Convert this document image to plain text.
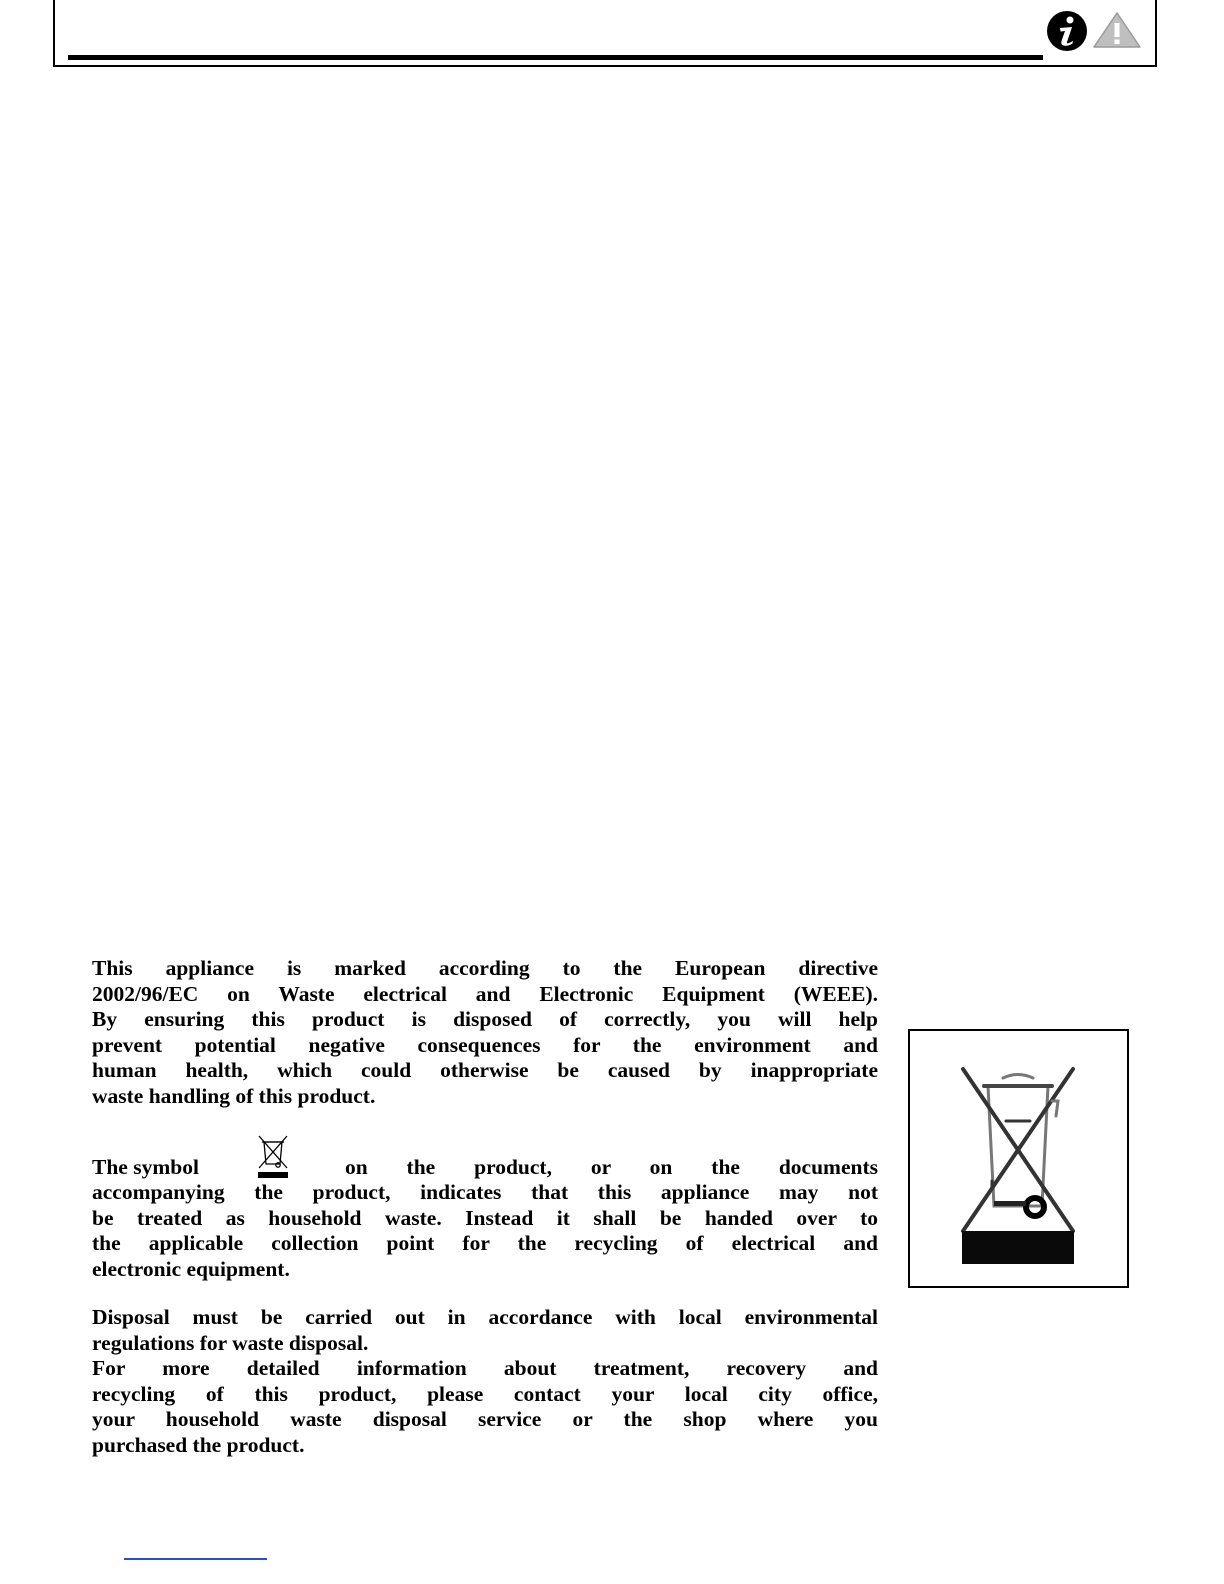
This appliance is marked according to the European directive

2002/96/EC on Waste electrical and Electronic Equipment (WEEE).

By ensuring this product is disposed of correctly, you will help

prevent potential negative consequences for the environment and

human health, which could otherwise be caused by inappropriate

waste handling of this product.

The symbol	on the product, or on the documents

accompanying the product, indicates that this appliance may not

be treated as household waste. Instead it shall be handed over to

the applicable collection point for the recycling of electrical and

electronic equipment.

Disposal must be carried out in accordance with local environmental

regulations for waste disposal.

For more detailed information about treatment, recovery and

recycling of this product, please contact your local city office,

your household waste disposal service or the shop where you

purchased the product.
